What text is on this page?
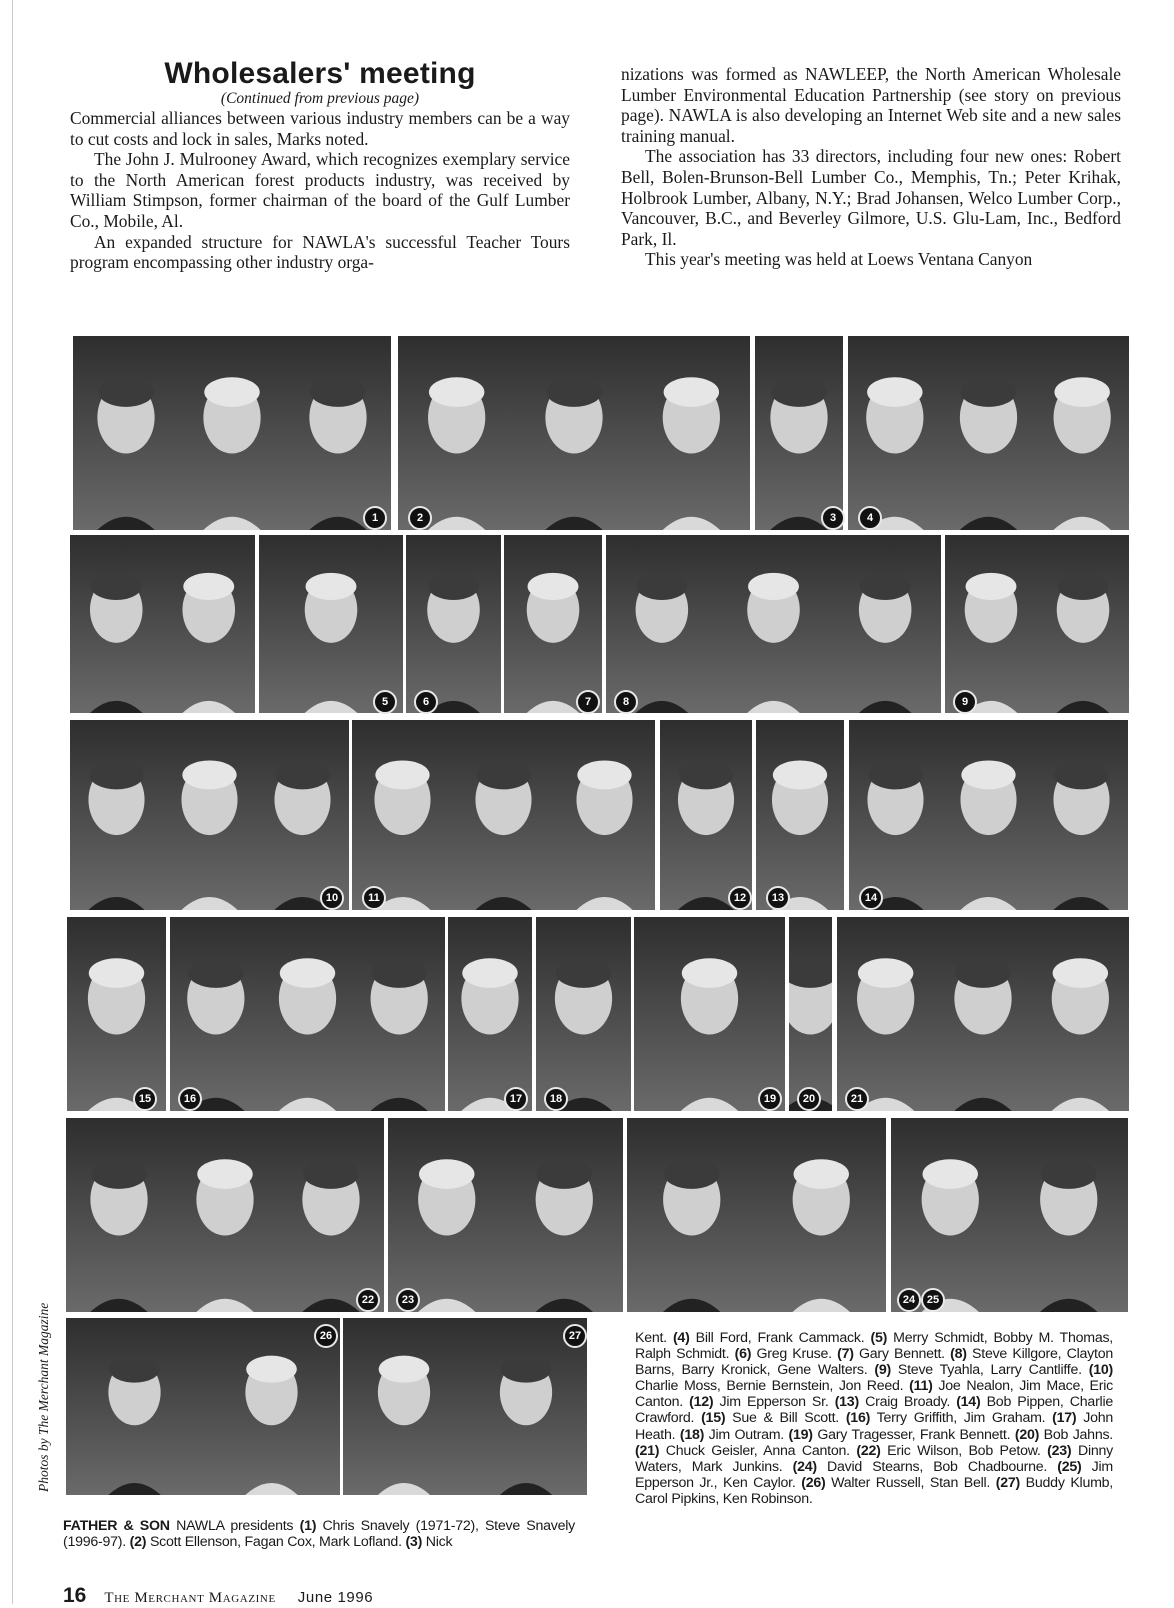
Wholesalers' meeting

(Continued from previous page)

Commercial alliances between various industry members can be a way to cut costs and lock in sales, Marks noted.

The John J. Mulrooney Award, which recognizes exemplary service to the North American forest products industry, was received by William Stimpson, former chairman of the board of the Gulf Lumber Co., Mobile, Al.

An expanded structure for NAWLA's successful Teacher Tours program encompassing other industry orga-

nizations was formed as NAWLEEP, the North American Wholesale Lumber Environmental Education Partnership (see story on previous page). NAWLA is also developing an Internet Web site and a new sales training manual.

The association has 33 directors, including four new ones: Robert Bell, Bolen-Brunson-Bell Lumber Co., Memphis, Tn.; Peter Krihak, Holbrook Lumber, Albany, N.Y.; Brad Johansen, Welco Lumber Corp., Vancouver, B.C., and Beverley Gilmore, U.S. Glu-Lam, Inc., Bedford Park, Il.

This year's meeting was held at Loews Ventana Canyon

1	2	3	4
5	6	7	8	9
10	11	12	13	14
15	16	17	18	19	20	21
22	23	24	25
26	27
Photos by The Merchant Magazine
FATHER & SON NAWLA presidents (1) Chris Snavely (1971-72), Steve Snavely (1996-97). (2) Scott Ellenson, Fagan Cox, Mark Lofland. (3) Nick
Kent. (4) Bill Ford, Frank Cammack. (5) Merry Schmidt, Bobby M. Thomas, Ralph Schmidt. (6) Greg Kruse. (7) Gary Bennett. (8) Steve Killgore, Clayton Barns, Barry Kronick, Gene Walters. (9) Steve Tyahla, Larry Cantliffe. (10) Charlie Moss, Bernie Bernstein, Jon Reed. (11) Joe Nealon, Jim Mace, Eric Canton. (12) Jim Epperson Sr. (13) Craig Broady. (14) Bob Pippen, Charlie Crawford. (15) Sue & Bill Scott. (16) Terry Griffith, Jim Graham. (17) John Heath. (18) Jim Outram. (19) Gary Tragesser, Frank Bennett. (20) Bob Jahns. (21) Chuck Geisler, Anna Canton. (22) Eric Wilson, Bob Petow. (23) Dinny Waters, Mark Junkins. (24) David Stearns, Bob Chadbourne. (25) Jim Epperson Jr., Ken Caylor. (26) Walter Russell, Stan Bell. (27) Buddy Klumb, Carol Pipkins, Ken Robinson.
16 The Merchant Magazine June 1996
